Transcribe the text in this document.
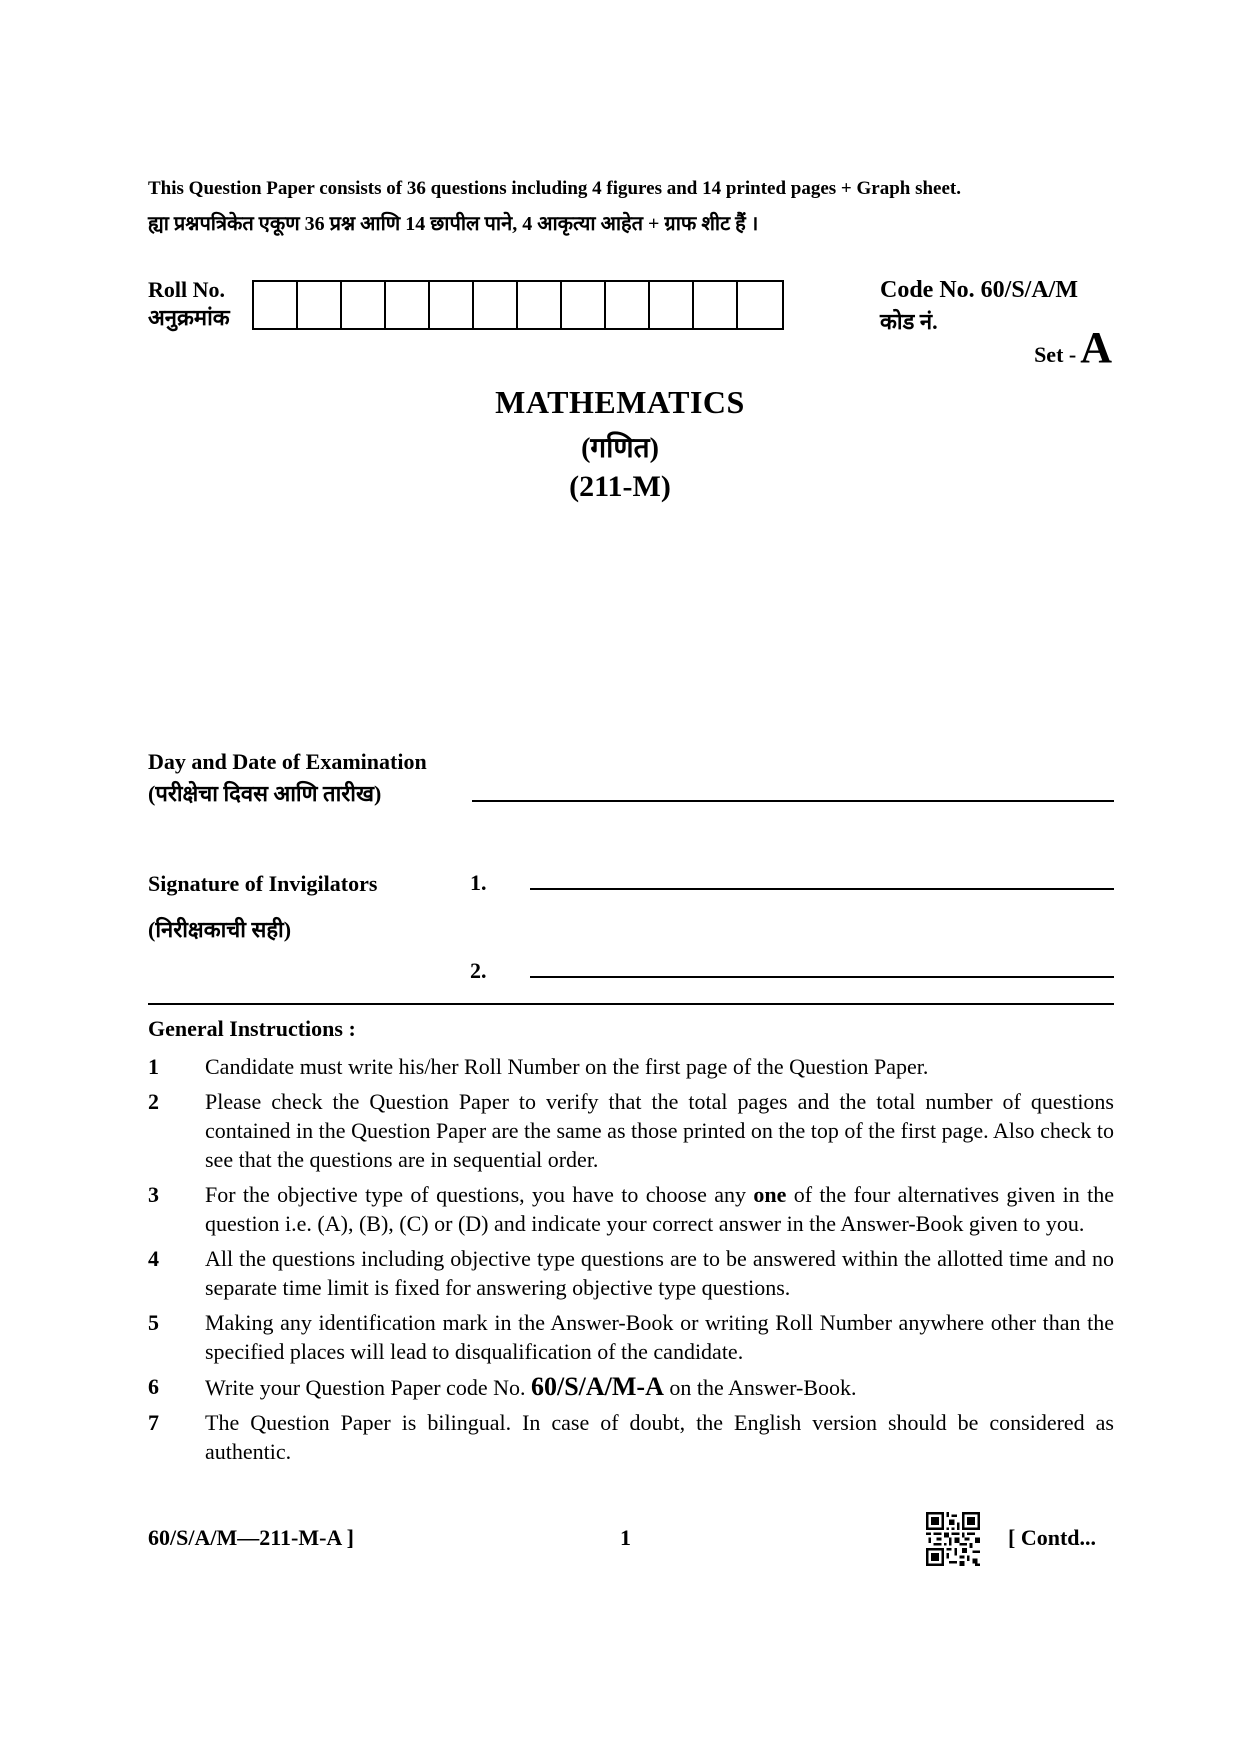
This Question Paper consists of 36 questions including 4 figures and 14 printed pages + Graph sheet.
ह्या प्रश्नपत्रिकेत एकूण 36 प्रश्न आणि 14 छापील पाने, 4 आकृत्या आहेत + ग्राफ शीट हैं ।
Roll No.
अनुक्रमांक
Code No. 60/S/A/M
कोड नं.
Set - A
MATHEMATICS
(गणित)
(211-M)
Day and Date of Examination
(परीक्षेचा दिवस आणि तारीख)
Signature of Invigilators
(निरीक्षकाची सही)
1.
2.
General Instructions :
1	Candidate must write his/her Roll Number on the first page of the Question Paper.
2	Please check the Question Paper to verify that the total pages and the total number of questions contained in the Question Paper are the same as those printed on the top of the first page. Also check to see that the questions are in sequential order.
3	For the objective type of questions, you have to choose any one of the four alternatives given in the question i.e. (A), (B), (C) or (D) and indicate your correct answer in the Answer-Book given to you.
4	All the questions including objective type questions are to be answered within the allotted time and no separate time limit is fixed for answering objective type questions.
5	Making any identification mark in the Answer-Book or writing Roll Number anywhere other than the specified places will lead to disqualification of the candidate.
6	Write your Question Paper code No. 60/S/A/M-A on the Answer-Book.
7	The Question Paper is bilingual. In case of doubt, the English version should be considered as authentic.
60/S/A/M—211-M-A ]	1	[ Contd...
